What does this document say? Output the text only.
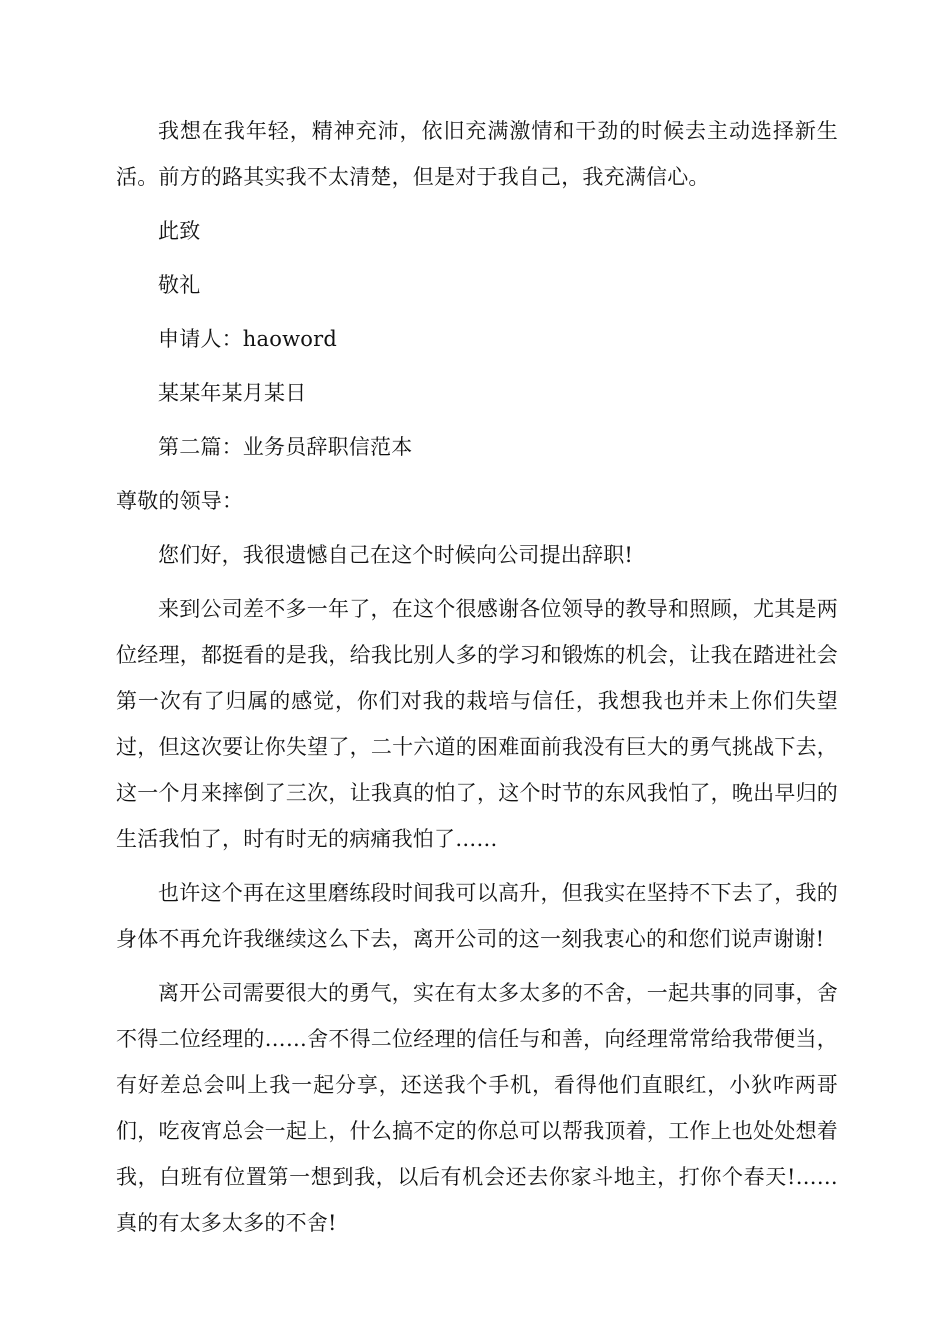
我想在我年轻，精神充沛，依旧充满激情和干劲的时候去主动选择新生活。前方的路其实我不太清楚，但是对于我自己，我充满信心。

此致

敬礼

申请人：haoword

某某年某月某日

第二篇：业务员辞职信范本

尊敬的领导：

您们好，我很遗憾自己在这个时候向公司提出辞职!

来到公司差不多一年了，在这个很感谢各位领导的教导和照顾，尤其是两位经理，都挺看的是我，给我比别人多的学习和锻炼的机会，让我在踏进社会第一次有了归属的感觉，你们对我的栽培与信任，我想我也并未上你们失望过，但这次要让你失望了，二十六道的困难面前我没有巨大的勇气挑战下去，这一个月来摔倒了三次，让我真的怕了，这个时节的东风我怕了，晚出早归的生活我怕了，时有时无的病痛我怕了……

也许这个再在这里磨练段时间我可以高升，但我实在坚持不下去了，我的身体不再允许我继续这么下去，离开公司的这一刻我衷心的和您们说声谢谢!

离开公司需要很大的勇气，实在有太多太多的不舍，一起共事的同事，舍不得二位经理的……舍不得二位经理的信任与和善，向经理常常给我带便当，有好差总会叫上我一起分享，还送我个手机，看得他们直眼红，小狄咋两哥们，吃夜宵总会一起上，什么搞不定的你总可以帮我顶着，工作上也处处想着我，白班有位置第一想到我，以后有机会还去你家斗地主，打你个春天!……真的有太多太多的不舍!
